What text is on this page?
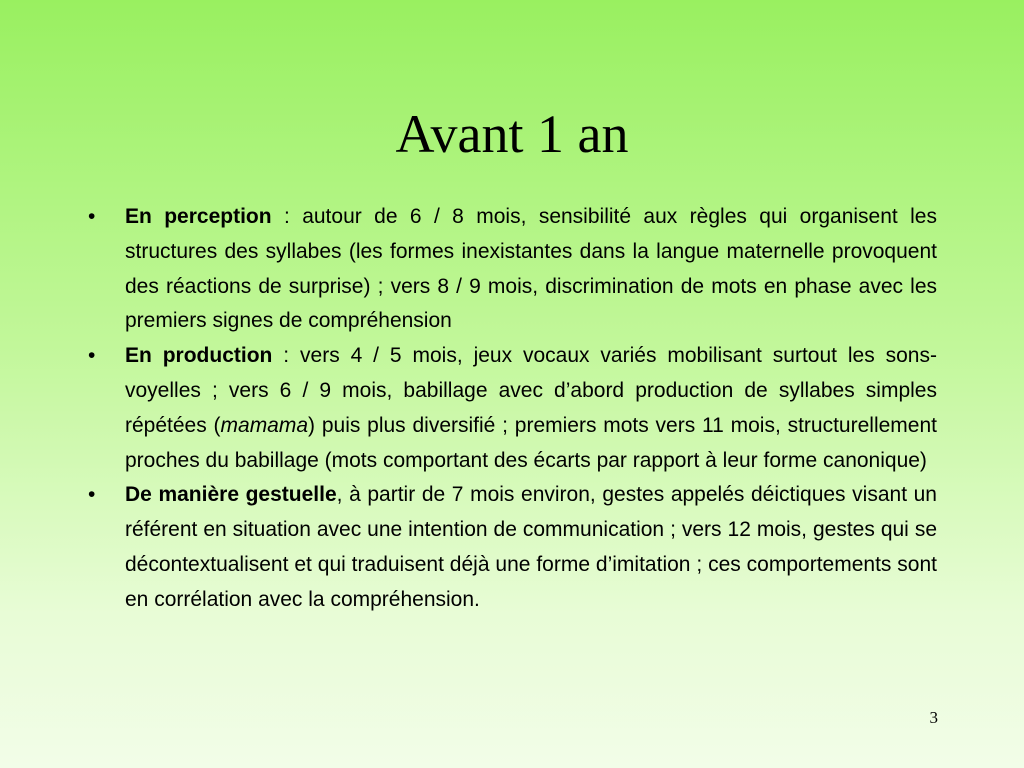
Avant 1 an
• En perception : autour de 6 / 8 mois, sensibilité aux règles qui organisent les structures des syllabes (les formes inexistantes dans la langue maternelle provoquent des réactions de surprise) ; vers 8 / 9 mois, discrimination de mots en phase avec les premiers signes de compréhension
• En production : vers 4 / 5 mois, jeux vocaux variés mobilisant surtout les sons-voyelles ; vers 6 / 9 mois, babillage avec d’abord production de syllabes simples répétées (mamama) puis plus diversifié ; premiers mots vers 11 mois, structurellement proches du babillage (mots comportant des écarts par rapport à leur forme canonique)
• De manière gestuelle, à partir de 7 mois environ, gestes appelés déictiques visant un référent en situation avec une intention de communication ; vers 12 mois, gestes qui se décontextualisent et qui traduisent déjà une forme d’imitation ; ces comportements sont en corrélation avec la compréhension.
3
